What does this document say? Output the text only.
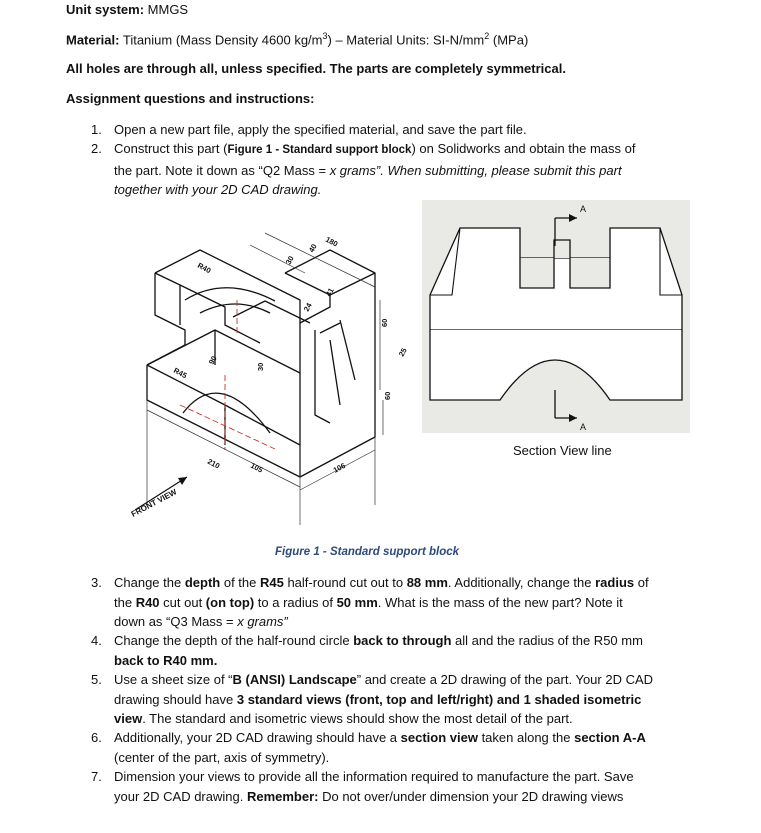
Unit system: MMGS
Material: Titanium (Mass Density 4600 $kg/m^3$) – Material Units: $SI-N/mm^2$ (MPa)
All holes are through all, unless specified. The parts are completely symmetrical.
Assignment questions and instructions:
1. Open a new part file, apply the specified material, and save the part file.
2. Construct this part (Figure 1 - Standard support block) on Solidworks and obtain the mass of
the part. Note it down as “Q2 Mass = x grams”. When submitting, please submit this part
together with your 2D CAD drawing.
R40
R45
180
40
30
24
41
90
30
25
60
60
210	105	106
FRONT VIEW
A
A
Section View line
Figure 1 - Standard support block
3. Change the depth of the R45 half-round cut out to 88 mm. Additionally, change the radius of
the R40 cut out (on top) to a radius of 50 mm. What is the mass of the new part? Note it
down as “Q3 Mass = x grams”
4. Change the depth of the half-round circle back to through all and the radius of the R50 mm
back to R40 mm.
5. Use a sheet size of “B (ANSI) Landscape” and create a 2D drawing of the part. Your 2D CAD
drawing should have 3 standard views (front, top and left/right) and 1 shaded isometric
view. The standard and isometric views should show the most detail of the part.
6. Additionally, your 2D CAD drawing should have a section view taken along the section A-A
(center of the part, axis of symmetry).
7. Dimension your views to provide all the information required to manufacture the part. Save
your 2D CAD drawing. Remember: Do not over/under dimension your 2D drawing views
